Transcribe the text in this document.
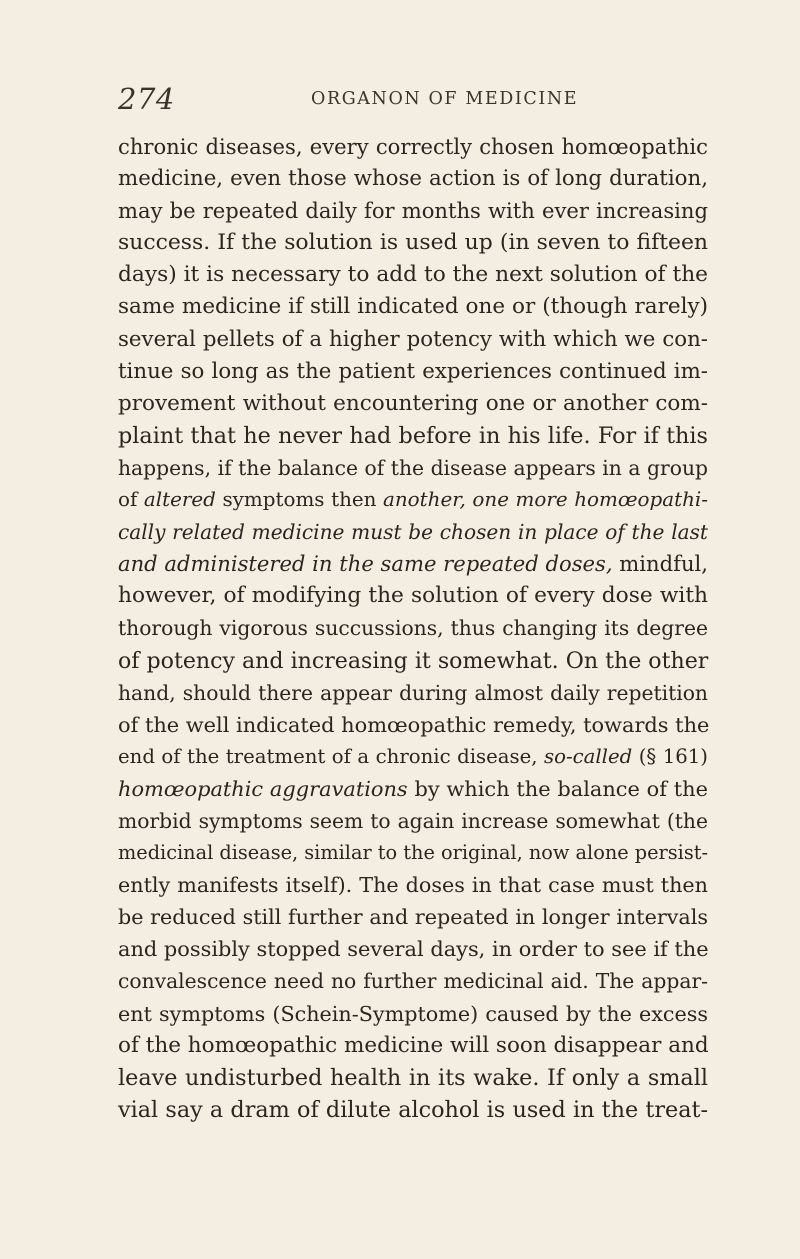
274	ORGANON OF MEDICINE
chronic diseases, every correctly chosen homœopathic
medicine, even those whose action is of long duration,
may be repeated daily for months with ever increasing
success. If the solution is used up (in seven to fifteen
days) it is necessary to add to the next solution of the
same medicine if still indicated one or (though rarely)
several pellets of a higher potency with which we con-
tinue so long as the patient experiences continued im-
provement without encountering one or another com-
plaint that he never had before in his life. For if this
happens, if the balance of the disease appears in a group
of altered symptoms then another, one more homœopathi-
cally related medicine must be chosen in place of the last
and administered in the same repeated doses, mindful,
however, of modifying the solution of every dose with
thorough vigorous succussions, thus changing its degree
of potency and increasing it somewhat. On the other
hand, should there appear during almost daily repetition
of the well indicated homœopathic remedy, towards the
end of the treatment of a chronic disease, so-called (§ 161)
homœopathic aggravations by which the balance of the
morbid symptoms seem to again increase somewhat (the
medicinal disease, similar to the original, now alone persist-
ently manifests itself). The doses in that case must then
be reduced still further and repeated in longer intervals
and possibly stopped several days, in order to see if the
convalescence need no further medicinal aid. The appar-
ent symptoms (Schein-Symptome) caused by the excess
of the homœopathic medicine will soon disappear and
leave undisturbed health in its wake. If only a small
vial say a dram of dilute alcohol is used in the treat-
